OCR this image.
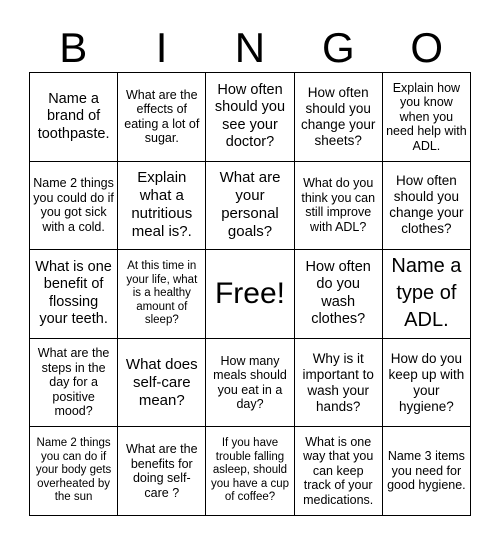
B	I	N	G	O
Name a brand of toothpaste.
What are the effects of eating a lot of sugar.
How often should you see your doctor?
How often should you change your sheets?
Explain how you know when you need help with ADL.
Name 2 things you could do if you got sick with a cold.
Explain what a nutritious meal is?.
What are your personal goals?
What do you think you can still improve with ADL?
How often should you change your clothes?
What is one benefit of flossing your teeth.
At this time in your life, what is a healthy amount of sleep?
Free!
How often do you wash clothes?
Name a type of ADL.
What are the steps in the day for a positive mood?
What does self-care mean?
How many meals should you eat in a day?
Why is it important to wash your hands?
How do you keep up with your hygiene?
Name 2 things you can do if your body gets overheated by the sun
What are the benefits for doing self-care ?
If you have trouble falling asleep, should you have a cup of coffee?
What is one way that you can keep track of your medications.
Name 3 items you need for good hygiene.
